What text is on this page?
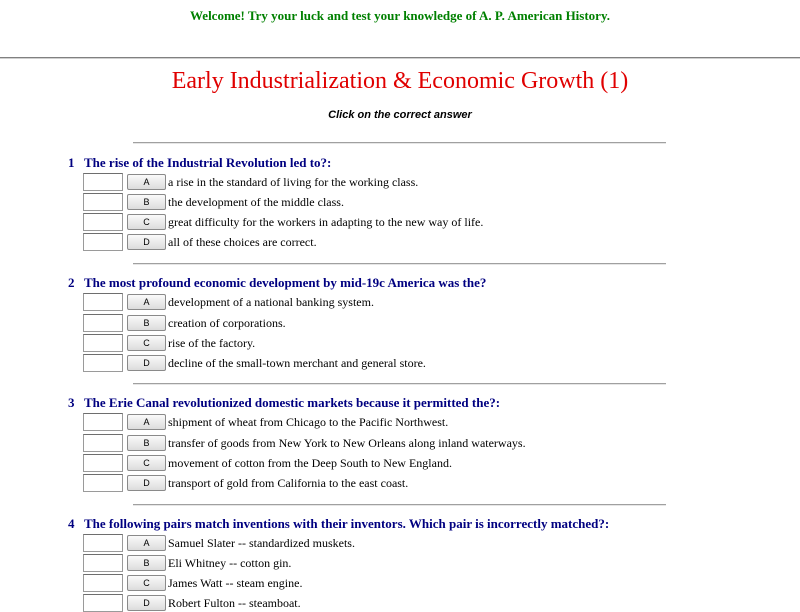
Welcome! Try your luck and test your knowledge of A. P. American History.
Early Industrialization & Economic Growth (1)
Click on the correct answer
1 The rise of the Industrial Revolution led to?:
A	a rise in the standard of living for the working class.
B	the development of the middle class.
C	great difficulty for the workers in adapting to the new way of life.
D	all of these choices are correct.
2 The most profound economic development by mid-19c America was the?
A	development of a national banking system.
B	creation of corporations.
C	rise of the factory.
D	decline of the small-town merchant and general store.
3 The Erie Canal revolutionized domestic markets because it permitted the?:
A	shipment of wheat from Chicago to the Pacific Northwest.
B	transfer of goods from New York to New Orleans along inland waterways.
C	movement of cotton from the Deep South to New England.
D	transport of gold from California to the east coast.
4 The following pairs match inventions with their inventors. Which pair is incorrectly matched?:
A	Samuel Slater -- standardized muskets.
B	Eli Whitney -- cotton gin.
C	James Watt -- steam engine.
D	Robert Fulton -- steamboat.
